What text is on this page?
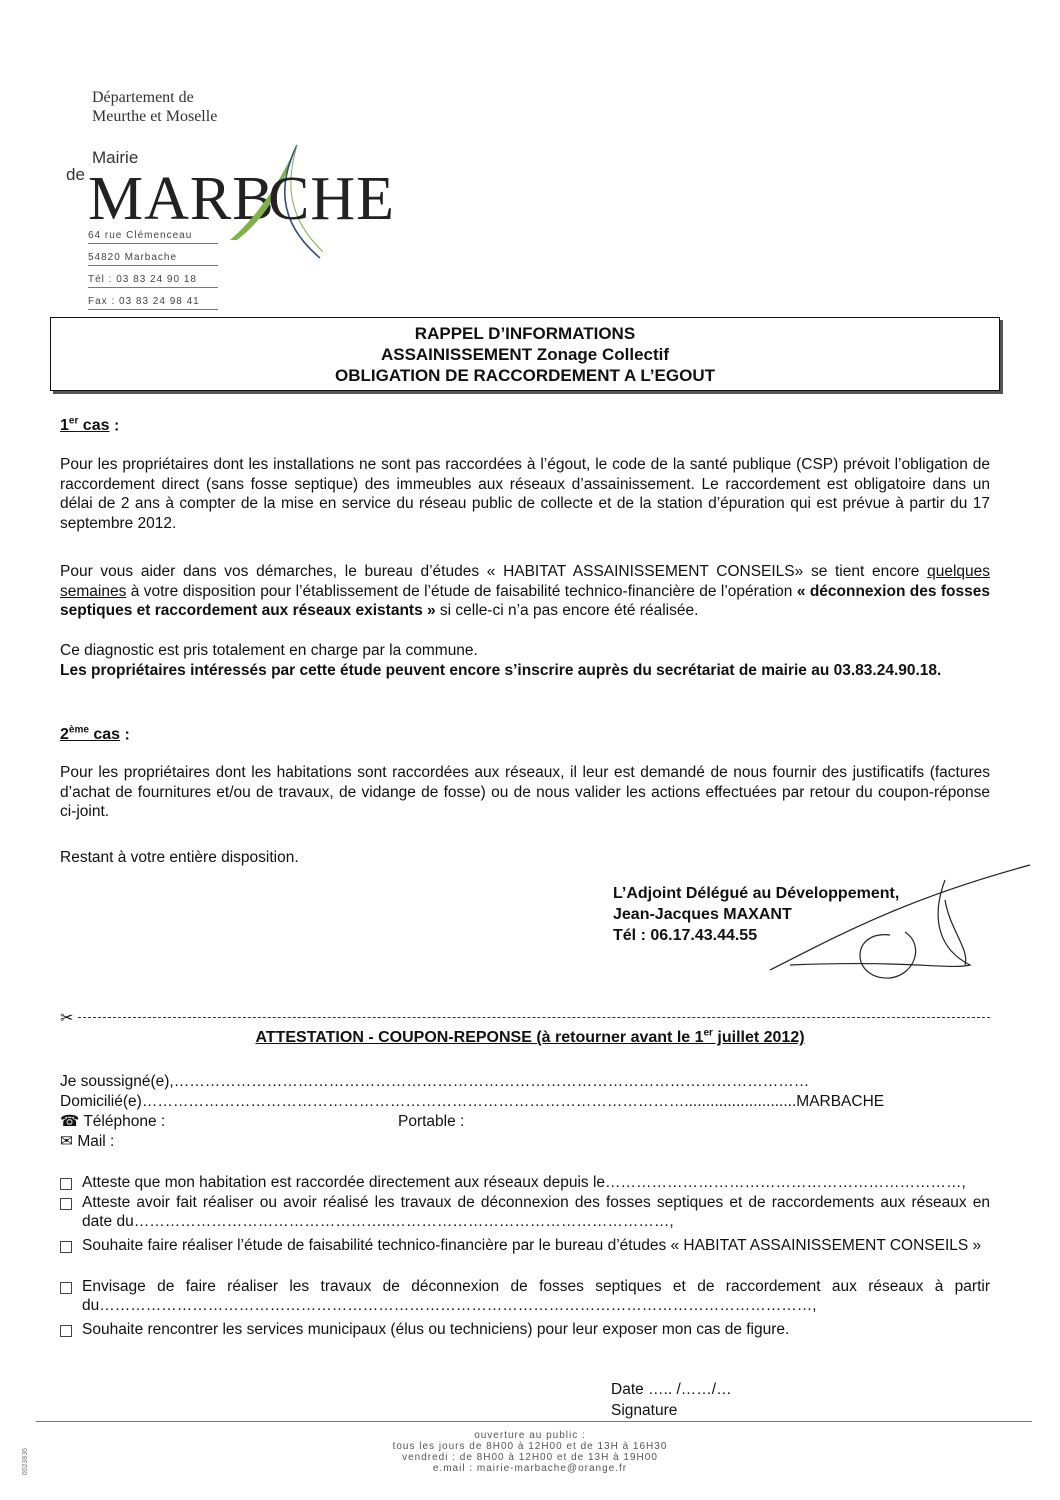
Département de
Meurthe et Moselle
Mairie
de MARB
CHE
64 rue Clémenceau
54820 Marbache
Tél : 03 83 24 90 18
Fax : 03 83 24 98 41
RAPPEL D’INFORMATIONS
ASSAINISSEMENT Zonage Collectif
OBLIGATION DE RACCORDEMENT A L’EGOUT
1er cas :
Pour les propriétaires dont les installations ne sont pas raccordées à l’égout, le code de la santé publique (CSP) prévoit l’obligation de raccordement direct (sans fosse septique) des immeubles aux réseaux d’assainissement. Le raccordement est obligatoire dans un délai de 2 ans à compter de la mise en service du réseau public de collecte et de la station d’épuration qui est prévue à partir du 17 septembre 2012.
Pour vous aider dans vos démarches, le bureau d’études « HABITAT ASSAINISSEMENT CONSEILS» se tient encore quelques semaines à votre disposition pour l’établissement de l’étude de faisabilité technico-financière de l’opération « déconnexion des fosses septiques et raccordement aux réseaux existants » si celle-ci n’a pas encore été réalisée.
Ce diagnostic est pris totalement en charge par la commune.
Les propriétaires intéressés par cette étude peuvent encore s’inscrire auprès du secrétariat de mairie au 03.83.24.90.18.
2ème cas :
Pour les propriétaires dont les habitations sont raccordées aux réseaux, il leur est demandé de nous fournir des justificatifs (factures d’achat de fournitures et/ou de travaux, de vidange de fosse) ou de nous valider les actions effectuées par retour du coupon-réponse ci-joint.
Restant à votre entière disposition.
L’Adjoint Délégué au Développement,
Jean-Jacques MAXANT
Tél : 06.17.43.44.55
✂
ATTESTATION - COUPON-REPONSE (à retourner avant le 1er juillet 2012)
Je soussigné(e),……………………………………………………………………………………………………………
Domicilié(e)……………………………………………………………………………………………..........................MARBACHE
☎ Téléphone :	Portable :
✉ Mail :
Atteste que mon habitation est raccordée directement aux réseaux depuis le……………………………………………………………,
Atteste avoir fait réaliser ou avoir réalisé les travaux de déconnexion des fosses septiques et de raccordements aux réseaux en date du…………………………………………..………………………………………………,
Souhaite faire réaliser l’étude de faisabilité technico-financière par le bureau d’études « HABITAT ASSAINISSEMENT CONSEILS »
Envisage de faire réaliser les travaux de déconnexion de fosses septiques et de raccordement aux réseaux à partir du…………………………………………………………………………………………………………………………,
Souhaite rencontrer les services municipaux (élus ou techniciens) pour leur exposer mon cas de figure.
Date ….. /……/…
Signature
ouverture au public :
tous les jours de 8H00 à 12H00 et de 13H à 16H30
vendredi : de 8H00 à 12H00 et de 13H à 19H00
e.mail : mairie-marbache@orange.fr
0023836
